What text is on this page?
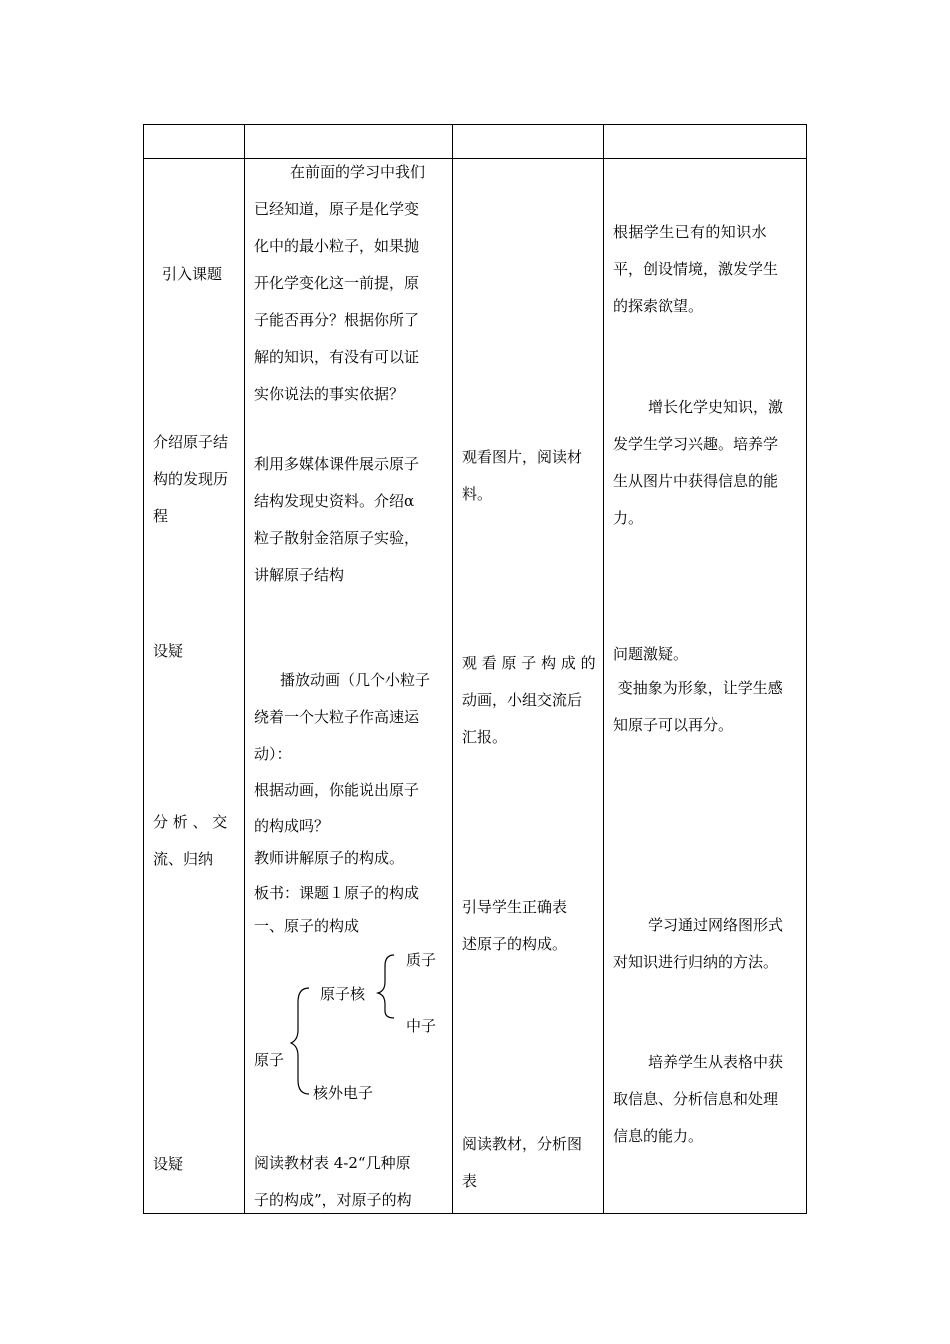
引入课题
介绍原子结
构的发现历
程
设疑
分 析 、 交
流、归纳
设疑
在前面的学习中我们
已经知道，原子是化学变
化中的最小粒子，如果抛
开化学变化这一前提，原
子能否再分？根据你所了
解的知识，有没有可以证
实你说法的事实依据？
利用多媒体课件展示原子
结构发现史资料。介绍α
粒子散射金箔原子实验，
讲解原子结构
播放动画（几个小粒子
绕着一个大粒子作高速运
动）：
根据动画，你能说出原子
的构成吗？
教师讲解原子的构成。
板书：课题１原子的构成
一、原子的构成
质子
原子核
中子
原子
核外电子
阅读教材表 4-2“几种原
子的构成”，对原子的构
观看图片，阅读材
料。
观 看 原 子 构 成 的
动画，小组交流后
汇报。
引导学生正确表
述原子的构成。
阅读教材，分析图
表
根据学生已有的知识水
平，创设情境，激发学生
的探索欲望。
增长化学史知识，激
发学生学习兴趣。培养学
生从图片中获得信息的能
力。
问题激疑。
变抽象为形象，让学生感
知原子可以再分。
学习通过网络图形式
对知识进行归纳的方法。
培养学生从表格中获
取信息、分析信息和处理
信息的能力。
